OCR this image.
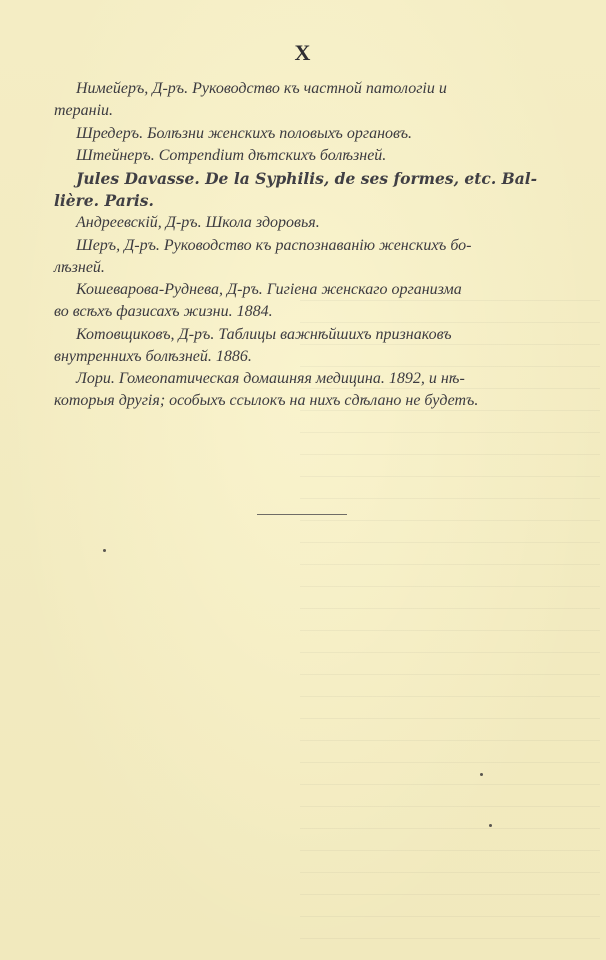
X
Нимейеръ, Д-ръ. Руководство къ частной патологіи и
тераніи.
Шредеръ. Болѣзни женскихъ половыхъ органовъ.
Штейнеръ. Compendium дѣтскихъ болѣзней.
Jules Davasse. De la Syphilis, de ses formes, etc. Bal-
lière. Paris.
Андреевскій, Д-ръ. Школа здоровья.
Шеръ, Д-ръ. Руководство къ распознаванію женскихъ бо-
лѣзней.
Кошеварова-Руднева, Д-ръ. Гигіена женскаго организма
во всѣхъ фазисахъ жизни. 1884.
Котовщиковъ, Д-ръ. Таблицы важнѣйшихъ признаковъ
внутреннихъ болѣзней. 1886.
Лори. Гомеопатическая домашняя медицина. 1892, и нѣ-
которыя другія; особыхъ ссылокъ на нихъ сдѣлано не будетъ.
